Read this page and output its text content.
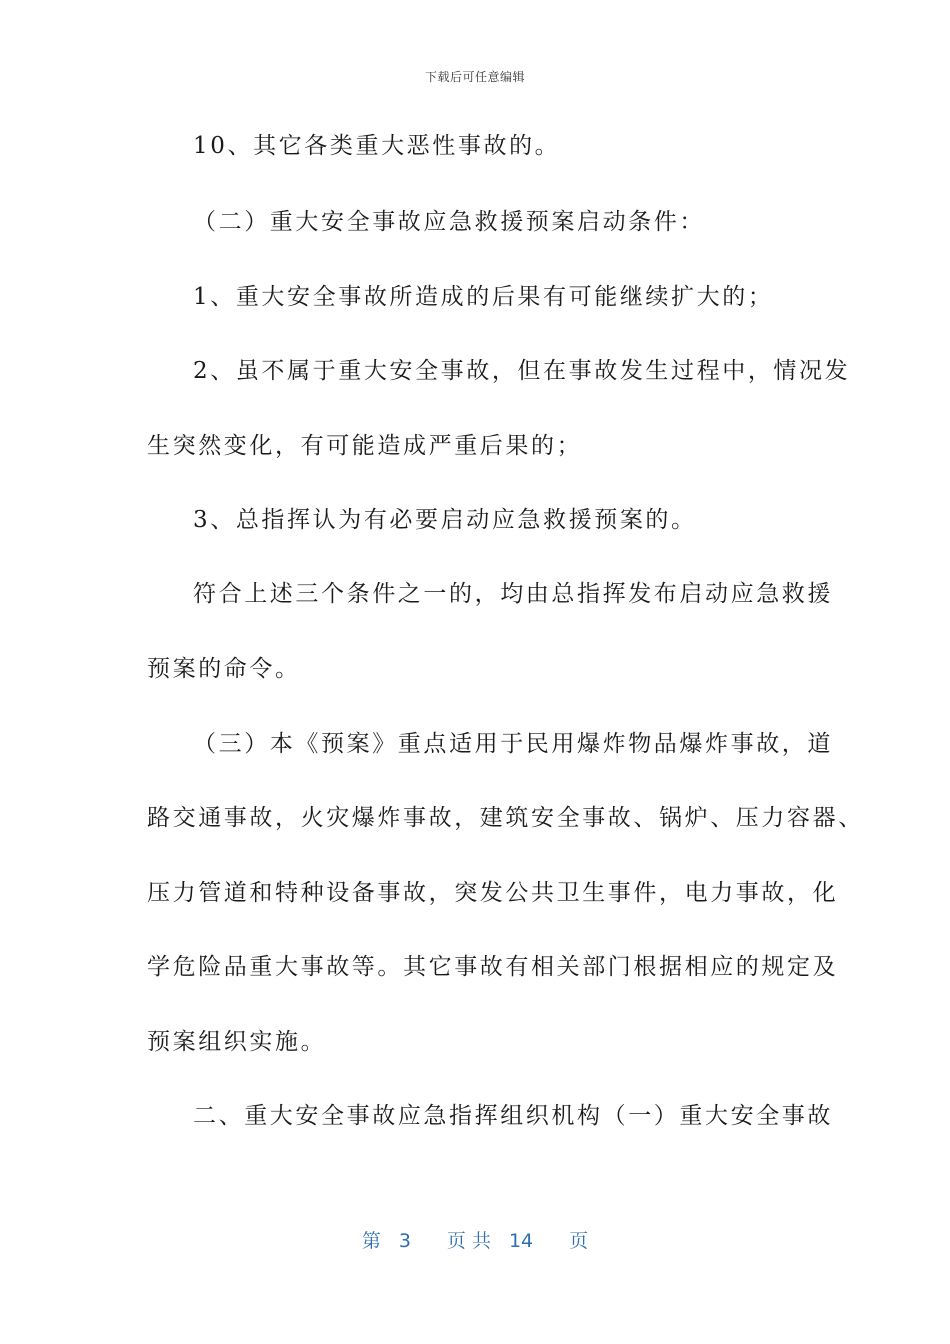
下载后可任意编辑
10、其它各类重大恶性事故的。
（二）重大安全事故应急救援预案启动条件：
1、重大安全事故所造成的后果有可能继续扩大的；
2、虽不属于重大安全事故，但在事故发生过程中，情况发
生突然变化，有可能造成严重后果的；
3、总指挥认为有必要启动应急救援预案的。
符合上述三个条件之一的，均由总指挥发布启动应急救援
预案的命令。
（三）本《预案》重点适用于民用爆炸物品爆炸事故，道
路交通事故，火灾爆炸事故，建筑安全事故、锅炉、压力容器、
压力管道和特种设备事故，突发公共卫生事件，电力事故，化
学危险品重大事故等。其它事故有相关部门根据相应的规定及
预案组织实施。
二、重大安全事故应急指挥组织机构（一）重大安全事故
第 3 页 共 14 页
